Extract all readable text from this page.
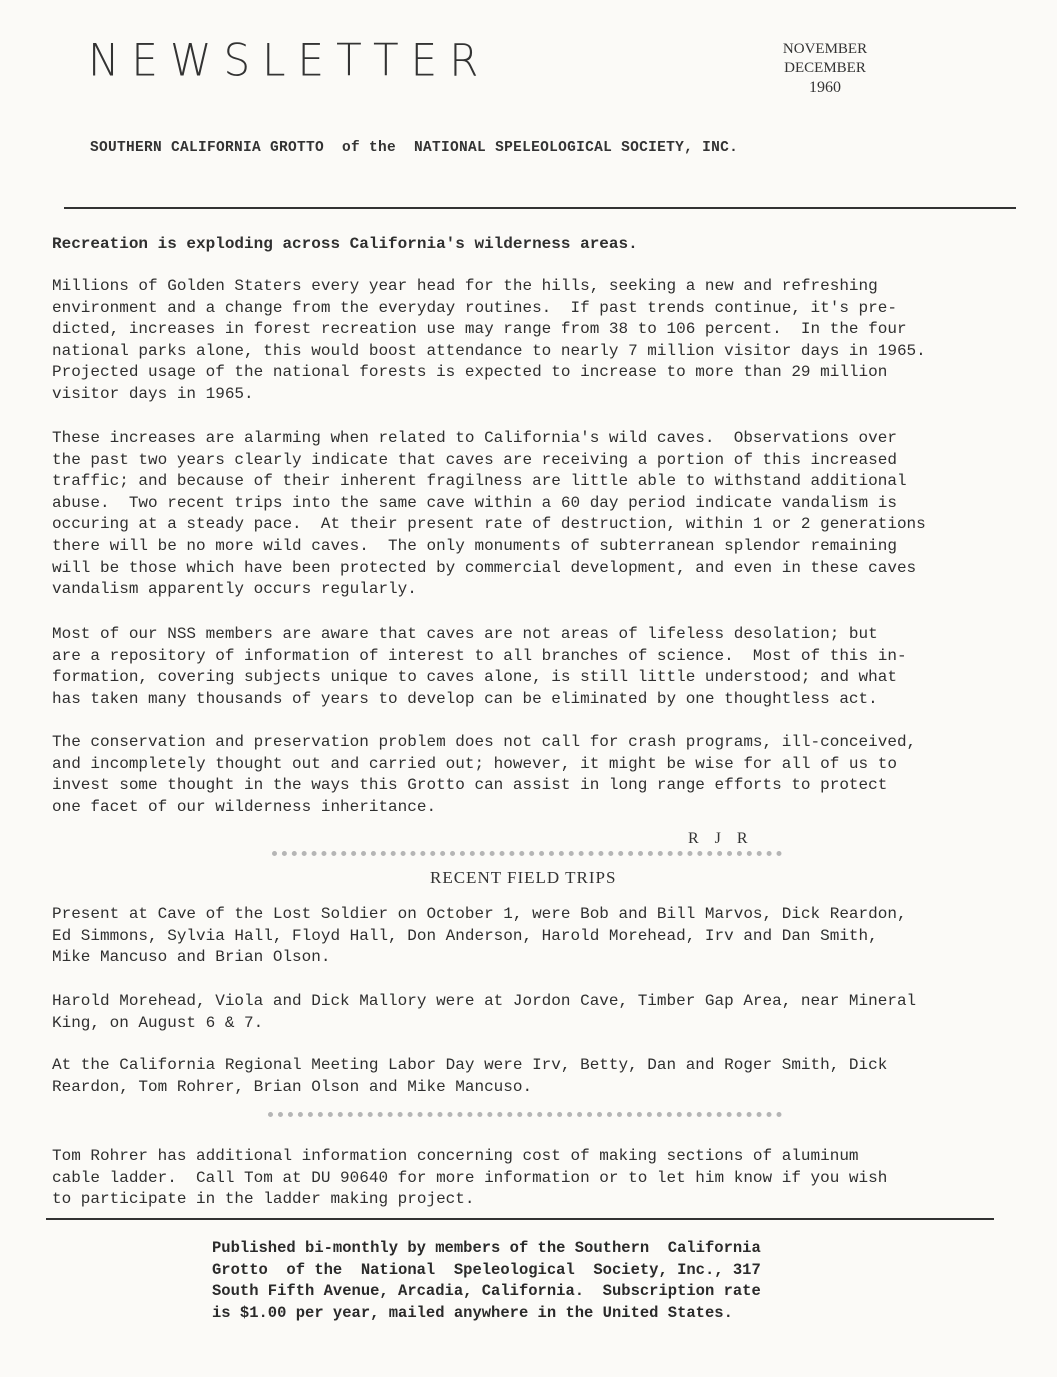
NEWSLETTER	NOVEMBER
DECEMBER
1960
SOUTHERN CALIFORNIA GROTTO  of the  NATIONAL SPELEOLOGICAL SOCIETY, INC.
Recreation is exploding across California's wilderness areas.
Millions of Golden Staters every year head for the hills, seeking a new and refreshing
environment and a change from the everyday routines.  If past trends continue, it's pre-
dicted, increases in forest recreation use may range from 38 to 106 percent.  In the four
national parks alone, this would boost attendance to nearly 7 million visitor days in 1965.
Projected usage of the national forests is expected to increase to more than 29 million
visitor days in 1965.
These increases are alarming when related to California's wild caves.  Observations over
the past two years clearly indicate that caves are receiving a portion of this increased
traffic; and because of their inherent fragilness are little able to withstand additional
abuse.  Two recent trips into the same cave within a 60 day period indicate vandalism is
occuring at a steady pace.  At their present rate of destruction, within 1 or 2 generations
there will be no more wild caves.  The only monuments of subterranean splendor remaining
will be those which have been protected by commercial development, and even in these caves
vandalism apparently occurs regularly.
Most of our NSS members are aware that caves are not areas of lifeless desolation; but
are a repository of information of interest to all branches of science.  Most of this in-
formation, covering subjects unique to caves alone, is still little understood; and what
has taken many thousands of years to develop can be eliminated by one thoughtless act.
The conservation and preservation problem does not call for crash programs, ill-conceived,
and incompletely thought out and carried out; however, it might be wise for all of us to
invest some thought in the ways this Grotto can assist in long range efforts to protect
one facet of our wilderness inheritance.
R J R
RECENT FIELD TRIPS
Present at Cave of the Lost Soldier on October 1, were Bob and Bill Marvos, Dick Reardon,
Ed Simmons, Sylvia Hall, Floyd Hall, Don Anderson, Harold Morehead, Irv and Dan Smith,
Mike Mancuso and Brian Olson.
Harold Morehead, Viola and Dick Mallory were at Jordon Cave, Timber Gap Area, near Mineral
King, on August 6 & 7.
At the California Regional Meeting Labor Day were Irv, Betty, Dan and Roger Smith, Dick
Reardon, Tom Rohrer, Brian Olson and Mike Mancuso.
Tom Rohrer has additional information concerning cost of making sections of aluminum
cable ladder.  Call Tom at DU 90640 for more information or to let him know if you wish
to participate in the ladder making project.
Published bi-monthly by members of the Southern  California
Grotto  of the  National  Speleological  Society, Inc., 317
South Fifth Avenue, Arcadia, California.  Subscription rate
is $1.00 per year, mailed anywhere in the United States.
